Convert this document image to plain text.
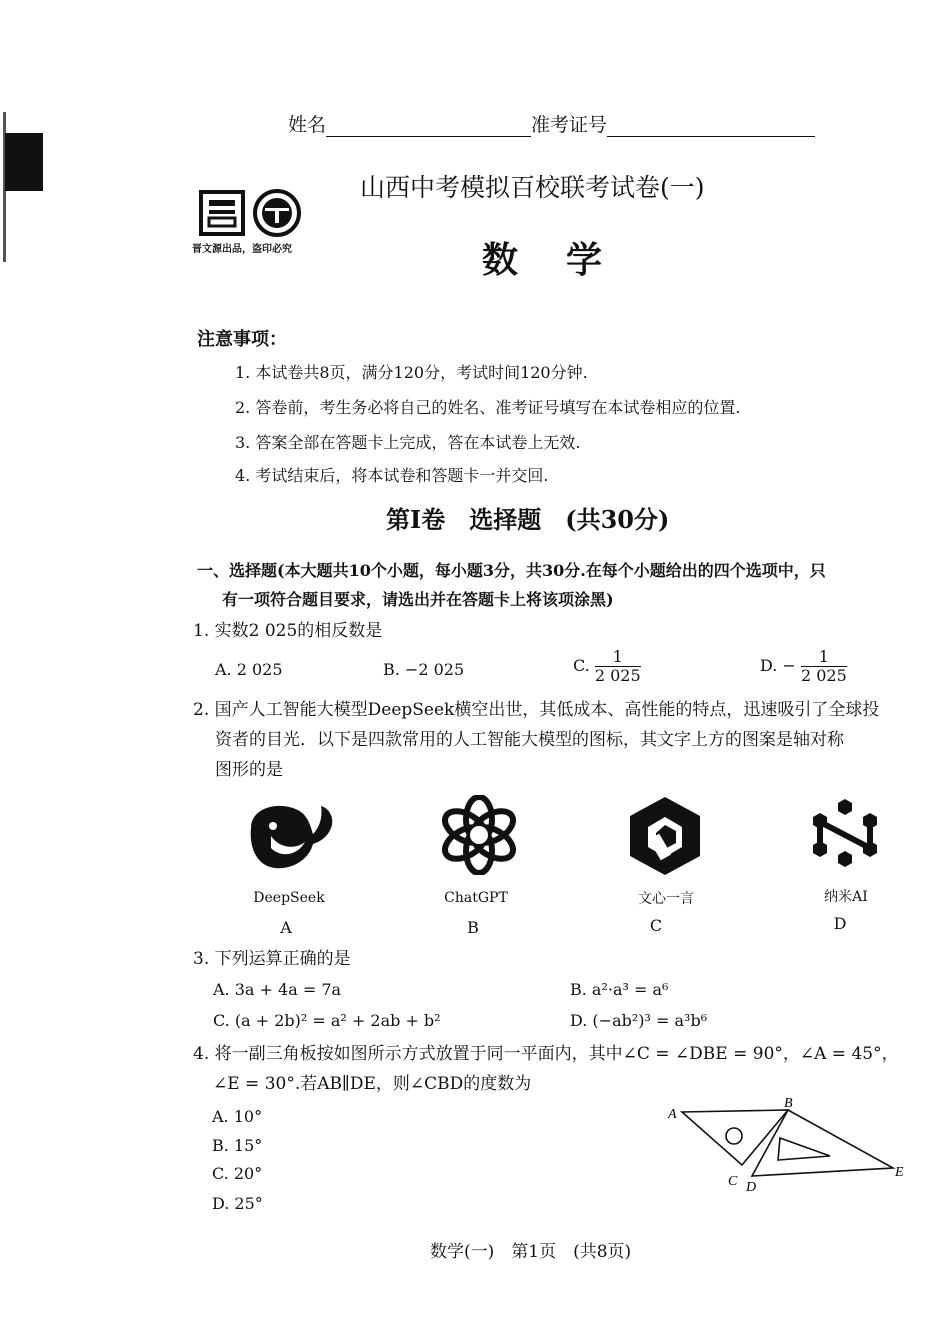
姓名	准考证号
晋文源出品，盗印必究
山西中考模拟百校联考试卷(一)
数学
注意事项：
1. 本试卷共8页，满分120分，考试时间120分钟.
2. 答卷前，考生务必将自己的姓名、准考证号填写在本试卷相应的位置.
3. 答案全部在答题卡上完成，答在本试卷上无效.
4. 考试结束后，将本试卷和答题卡一并交回.
第Ⅰ卷　选择题　(共30分)
一、选择题(本大题共10个小题，每小题3分，共30分.在每个小题给出的四个选项中，只
有一项符合题目要求，请选出并在答题卡上将该项涂黑)
1. 实数2 025的相反数是
A. 2 025	B. −2 025	C. $\frac{1}{2 025}$	D. − $\frac{1}{2 025}$
2. 国产人工智能大模型DeepSeek横空出世，其低成本、高性能的特点，迅速吸引了全球投
资者的目光．以下是四款常用的人工智能大模型的图标，其文字上方的图案是轴对称
图形的是
DeepSeek	ChatGPT	文心一言	纳米AI
A	B	C	D
3. 下列运算正确的是
A. 3a + 4a = 7a	B. a²·a³ = a⁶
C. (a + 2b)² = a² + 2ab + b²	D. (−ab²)³ = a³b⁶
4. 将一副三角板按如图所示方式放置于同一平面内，其中∠C = ∠DBE = 90°，∠A = 45°，
∠E = 30°.若AB∥DE，则∠CBD的度数为
A. 10°
B. 15°
C. 20°
D. 25°
A
B
C D
E
数学(一)　第1页　(共8页)
